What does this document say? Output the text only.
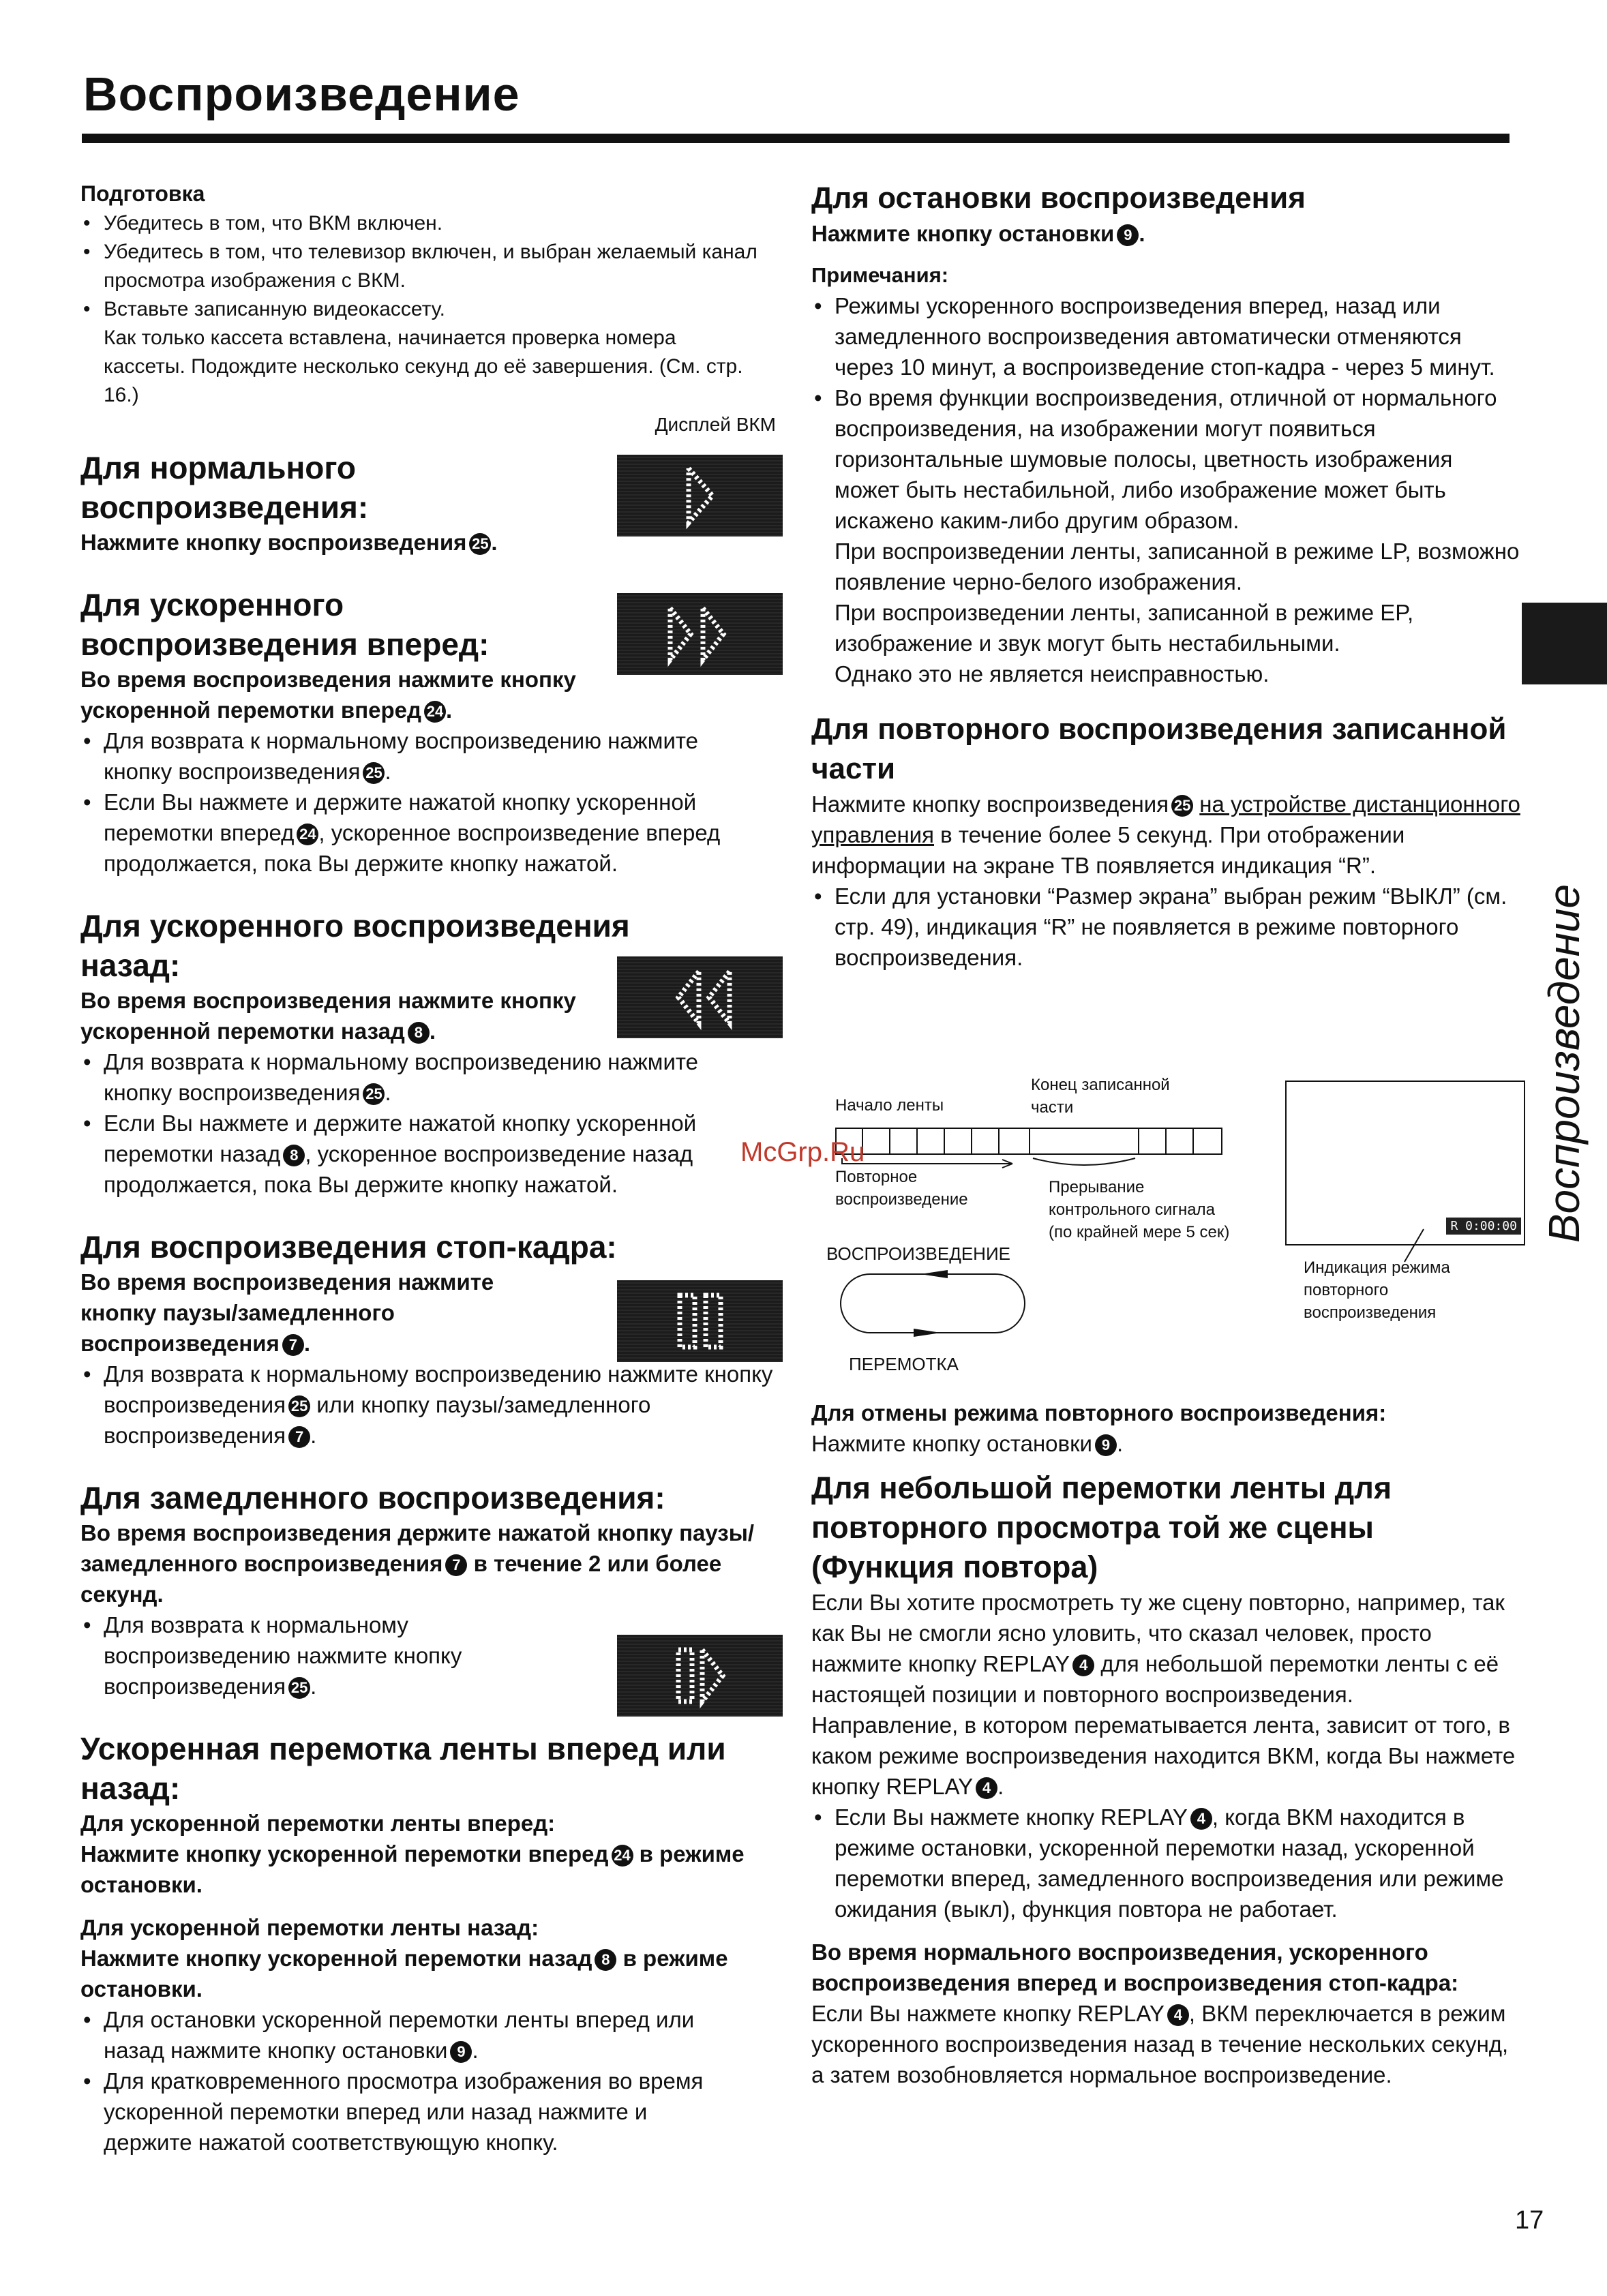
Воспроизведение

Подготовка

• Убедитесь в том, что ВКМ включен.
• Убедитесь в том, что телевизор включен, и выбран желаемый канал просмотра изображения с ВКМ.
• Вставьте записанную видеокассету.

Как только кассета вставлена, начинается проверка номера кассеты. Подождите несколько секунд до её завершения. (См. стр. 16.)

Дисплей ВКМ

Для нормального воспроизведения:

Нажмите кнопку воспроизведения 25 .

Для ускоренного воспроизведения вперед:

Во время воспроизведения нажмите кнопку ускоренной перемотки вперед 24 .

• Для возврата к нормальному воспроизведению нажмите кнопку воспроизведения 25 .
• Если Вы нажмете и держите нажатой кнопку ускоренной перемотки вперед 24 , ускоренное воспроизведение вперед продолжается, пока Вы держите кнопку нажатой.

Для ускоренного воспроизведения назад:

Во время воспроизведения нажмите кнопку ускоренной перемотки назад 8 .

• Для возврата к нормальному воспроизведению нажмите кнопку воспроизведения 25 .
• Если Вы нажмете и держите нажатой кнопку ускоренной перемотки назад 8 , ускоренное воспроизведение назад продолжается, пока Вы держите кнопку нажатой.

Для воспроизведения стоп-кадра:

Во время воспроизведения нажмите кнопку паузы/замедленного воспроизведения 7 .

• Для возврата к нормальному воспроизведению нажмите кнопку воспроизведения 25 или кнопку паузы/замедленного воспроизведения 7 .

Для замедленного воспроизведения:

Во время воспроизведения держите нажатой кнопку паузы/замедленного воспроизведения 7 в течение 2 или более секунд.

• Для возврата к нормальному воспроизведению нажмите кнопку воспроизведения 25 .

Ускоренная перемотка ленты вперед или назад:

Для ускоренной перемотки ленты вперед:

Нажмите кнопку ускоренной перемотки вперед 24 в режиме остановки.

Для ускоренной перемотки ленты назад:

Нажмите кнопку ускоренной перемотки назад 8 в режиме остановки.

• Для остановки ускоренной перемотки ленты вперед или назад нажмите кнопку остановки 9 .
• Для кратковременного просмотра изображения во время ускоренной перемотки вперед или назад нажмите и держите нажатой соответствующую кнопку.

Для остановки воспроизведения

Нажмите кнопку остановки 9 .

Примечания:

• Режимы ускоренного воспроизведения вперед, назад или замедленного воспроизведения автоматически отменяются через 10 минут, а воспроизведение стоп-кадра - через 5 минут.
• Во время функции воспроизведения, отличной от нормального воспроизведения, на изображении могут появиться горизонтальные шумовые полосы, цветность изображения может быть нестабильной, либо изображение может быть искажено каким-либо другим образом.
При воспроизведении ленты, записанной в режиме LP, возможно появление черно-белого изображения.
При воспроизведении ленты, записанной в режиме EP, изображение и звук могут быть нестабильными.
Однако это не является неисправностью.

Для повторного воспроизведения записанной части

Нажмите кнопку воспроизведения 25 на устройстве дистанционного управления в течение более 5 секунд. При отображении информации на экране ТВ появляется индикация “R”.

• Если для установки “Размер экрана” выбран режим “ВЫКЛ” (см. стр. 49), индикация “R” не появляется в режиме повторного воспроизведения.
Начало ленты
Конец записанной
части
Повторное
воспроизведение
Прерывание
контрольного сигнала
(по крайней мере 5 сек)
ВОСПРОИЗВЕДЕНИЕ
ПЕРЕМОТКА
R 0:00:00
Индикация режима
повторного
воспроизведения
McGrp.Ru

Для отмены режима повторного воспроизведения:

Нажмите кнопку остановки 9 .

Для небольшой перемотки ленты для повторного просмотра той же сцены (Функция повтора)

Если Вы хотите просмотреть ту же сцену повторно, например, так как Вы не смогли ясно уловить, что сказал человек, просто нажмите кнопку REPLAY 4 для небольшой перемотки ленты с её настоящей позиции и повторного воспроизведения.

Направление, в котором перематывается лента, зависит от того, в каком режиме воспроизведения находится ВКМ, когда Вы нажмете кнопку REPLAY 4 .

• Если Вы нажмете кнопку REPLAY 4 , когда ВКМ находится в режиме остановки, ускоренной перемотки назад, ускоренной перемотки вперед, замедленного воспроизведения или режиме ожидания (выкл), функция повтора не работает.

Во время нормального воспроизведения, ускоренного воспроизведения вперед и воспроизведения стоп-кадра:

Если Вы нажмете кнопку REPLAY 4 , ВКМ переключается в режим ускоренного воспроизведения назад в течение нескольких секунд, а затем возобновляется нормальное воспроизведение.

Воспроизведение
17
